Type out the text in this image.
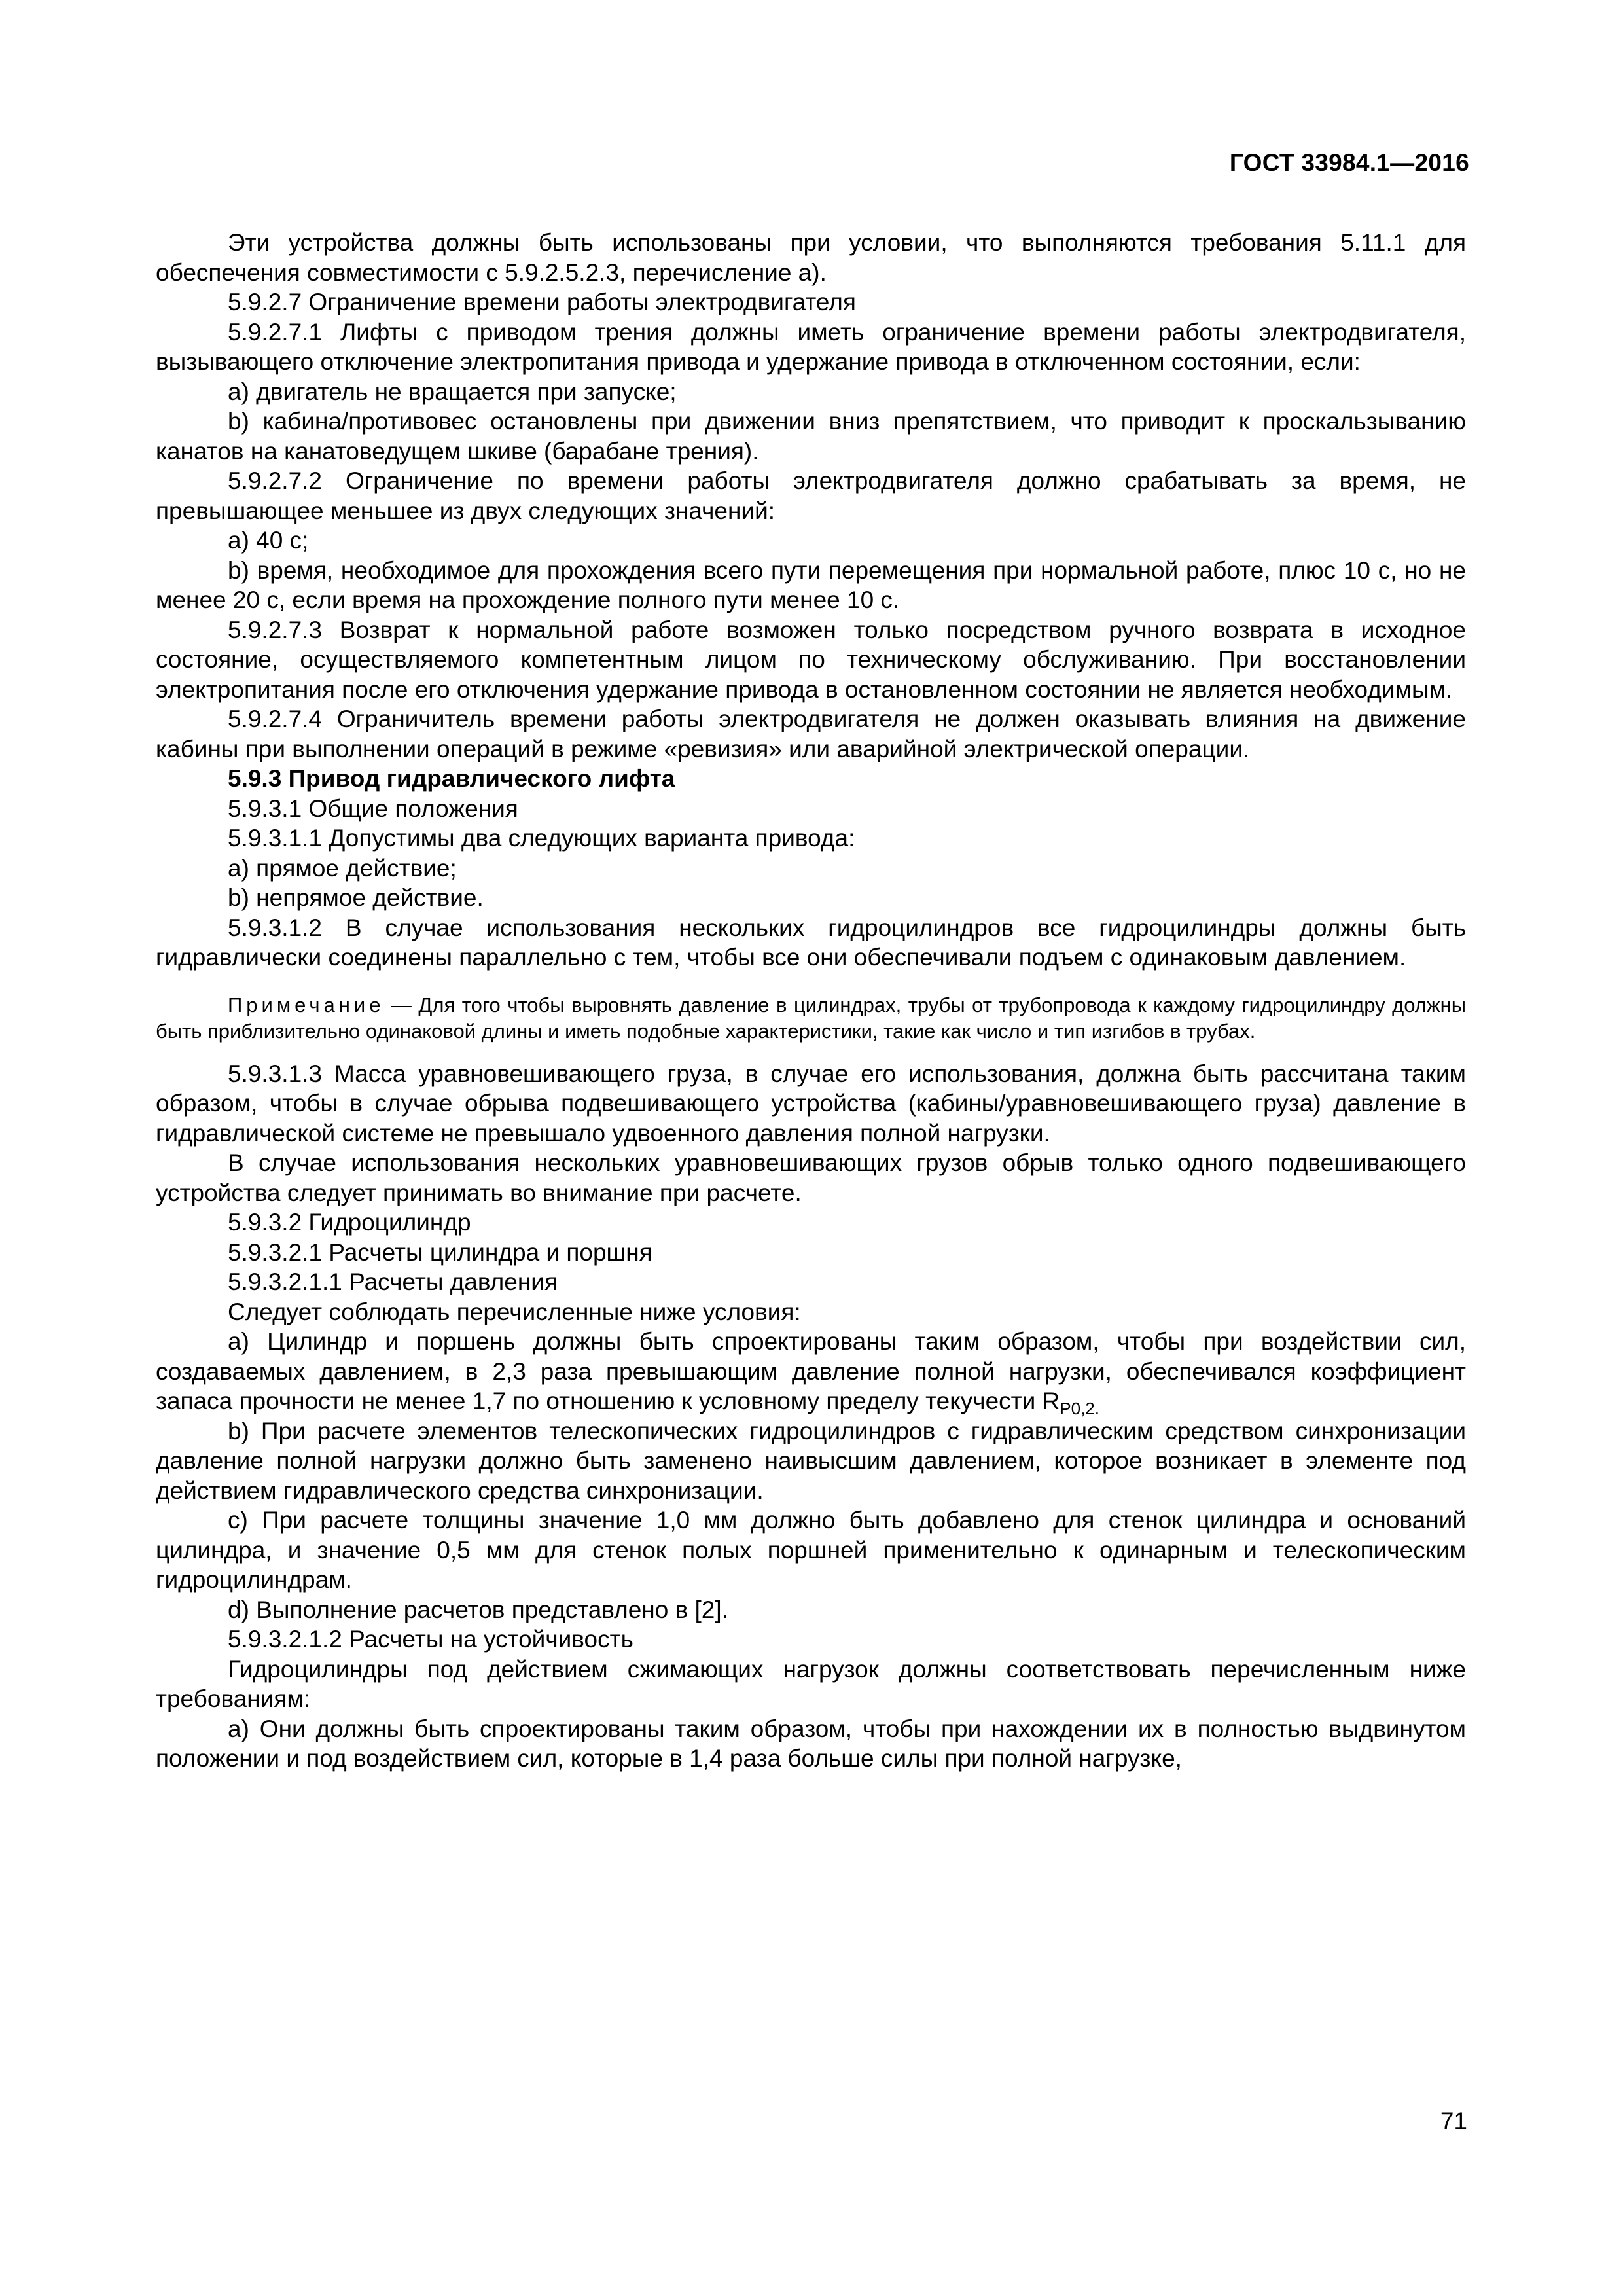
ГОСТ 33984.1—2016

Эти устройства должны быть использованы при условии, что выполняются требования 5.11.1 для обеспечения совместимости с 5.9.2.5.2.3, перечисление а).

5.9.2.7 Ограничение времени работы электродвигателя

5.9.2.7.1 Лифты с приводом трения должны иметь ограничение времени работы электродвигателя, вызывающего отключение электропитания привода и удержание привода в отключенном состоянии, если:

a) двигатель не вращается при запуске;

b) кабина/противовес остановлены при движении вниз препятствием, что приводит к проскальзыванию канатов на канатоведущем шкиве (барабане трения).

5.9.2.7.2 Ограничение по времени работы электродвигателя должно срабатывать за время, не превышающее меньшее из двух следующих значений:

a) 40 с;

b) время, необходимое для прохождения всего пути перемещения при нормальной работе, плюс 10 с, но не менее 20 с, если время на прохождение полного пути менее 10 с.

5.9.2.7.3 Возврат к нормальной работе возможен только посредством ручного возврата в исходное состояние, осуществляемого компетентным лицом по техническому обслуживанию. При восстановлении электропитания после его отключения удержание привода в остановленном состоянии не является необходимым.

5.9.2.7.4 Ограничитель времени работы электродвигателя не должен оказывать влияния на движение кабины при выполнении операций в режиме «ревизия» или аварийной электрической операции.

5.9.3 Привод гидравлического лифта

5.9.3.1 Общие положения

5.9.3.1.1 Допустимы два следующих варианта привода:

a) прямое действие;

b) непрямое действие.

5.9.3.1.2 В случае использования нескольких гидроцилиндров все гидроцилиндры должны быть гидравлически соединены параллельно с тем, чтобы все они обеспечивали подъем с одинаковым давлением.

Примечание — Для того чтобы выровнять давление в цилиндрах, трубы от трубопровода к каждому гидроцилиндру должны быть приблизительно одинаковой длины и иметь подобные характеристики, такие как число и тип изгибов в трубах.

5.9.3.1.3 Масса уравновешивающего груза, в случае его использования, должна быть рассчитана таким образом, чтобы в случае обрыва подвешивающего устройства (кабины/уравновешивающего груза) давление в гидравлической системе не превышало удвоенного давления полной нагрузки.

В случае использования нескольких уравновешивающих грузов обрыв только одного подвешивающего устройства следует принимать во внимание при расчете.

5.9.3.2 Гидроцилиндр

5.9.3.2.1 Расчеты цилиндра и поршня

5.9.3.2.1.1 Расчеты давления

Следует соблюдать перечисленные ниже условия:

a) Цилиндр и поршень должны быть спроектированы таким образом, чтобы при воздействии сил, создаваемых давлением, в 2,3 раза превышающим давление полной нагрузки, обеспечивался коэффициент запаса прочности не менее 1,7 по отношению к условному пределу текучести $R_{P0,2.}$

b) При расчете элементов телескопических гидроцилиндров с гидравлическим средством синхронизации давление полной нагрузки должно быть заменено наивысшим давлением, которое возникает в элементе под действием гидравлического средства синхронизации.

c) При расчете толщины значение 1,0 мм должно быть добавлено для стенок цилиндра и оснований цилиндра, и значение 0,5 мм для стенок полых поршней применительно к одинарным и телескопическим гидроцилиндрам.

d) Выполнение расчетов представлено в [2].

5.9.3.2.1.2 Расчеты на устойчивость

Гидроцилиндры под действием сжимающих нагрузок должны соответствовать перечисленным ниже требованиям:

a) Они должны быть спроектированы таким образом, чтобы при нахождении их в полностью выдвинутом положении и под воздействием сил, которые в 1,4 раза больше силы при полной нагрузке,

71
